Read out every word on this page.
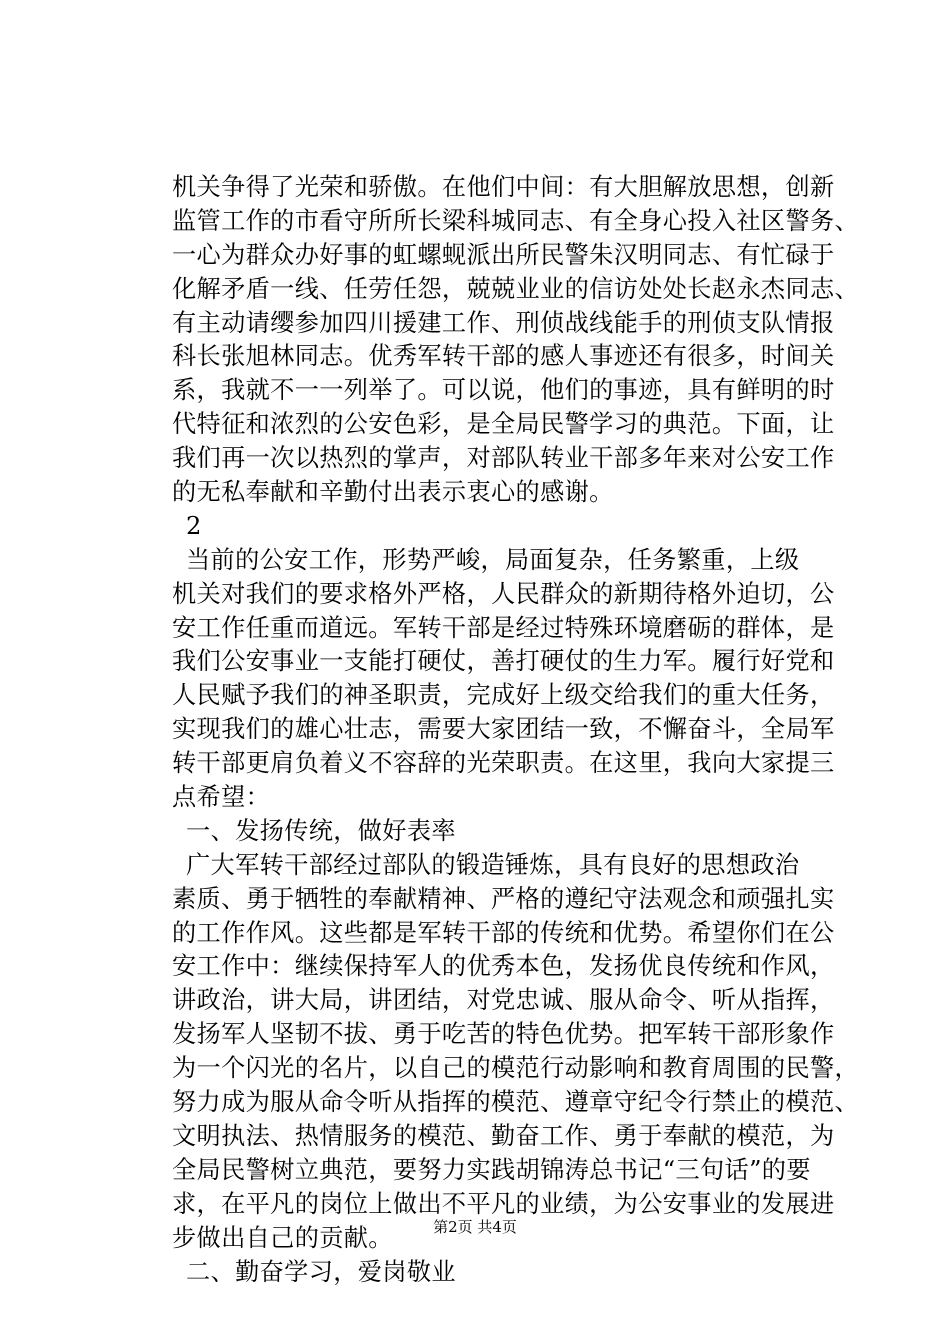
机关争得了光荣和骄傲。在他们中间：有大胆解放思想，创新
监管工作的市看守所所长梁科城同志、有全身心投入社区警务、
一心为群众办好事的虹螺蚬派出所民警朱汉明同志、有忙碌于
化解矛盾一线、任劳任怨，兢兢业业的信访处处长赵永杰同志、
有主动请缨参加四川援建工作、刑侦战线能手的刑侦支队情报
科长张旭林同志。优秀军转干部的感人事迹还有很多，时间关
系，我就不一一列举了。可以说，他们的事迹，具有鲜明的时
代特征和浓烈的公安色彩，是全局民警学习的典范。下面，让
我们再一次以热烈的掌声，对部队转业干部多年来对公安工作
的无私奉献和辛勤付出表示衷心的感谢。
2
当前的公安工作，形势严峻，局面复杂，任务繁重，上级
机关对我们的要求格外严格，人民群众的新期待格外迫切，公
安工作任重而道远。军转干部是经过特殊环境磨砺的群体，是
我们公安事业一支能打硬仗，善打硬仗的生力军。履行好党和
人民赋予我们的神圣职责，完成好上级交给我们的重大任务，
实现我们的雄心壮志，需要大家团结一致，不懈奋斗，全局军
转干部更肩负着义不容辞的光荣职责。在这里，我向大家提三
点希望：
一、发扬传统，做好表率
广大军转干部经过部队的锻造锤炼，具有良好的思想政治
素质、勇于牺牲的奉献精神、严格的遵纪守法观念和顽强扎实
的工作作风。这些都是军转干部的传统和优势。希望你们在公
安工作中：继续保持军人的优秀本色，发扬优良传统和作风，
讲政治，讲大局，讲团结，对党忠诚、服从命令、听从指挥，
发扬军人坚韧不拔、勇于吃苦的特色优势。把军转干部形象作
为一个闪光的名片，以自己的模范行动影响和教育周围的民警，
努力成为服从命令听从指挥的模范、遵章守纪令行禁止的模范、
文明执法、热情服务的模范、勤奋工作、勇于奉献的模范，为
全局民警树立典范，要努力实践胡锦涛总书记“三句话”的要
求，在平凡的岗位上做出不平凡的业绩，为公安事业的发展进
步做出自己的贡献。
二、勤奋学习，爱岗敬业
第2页 共4页
